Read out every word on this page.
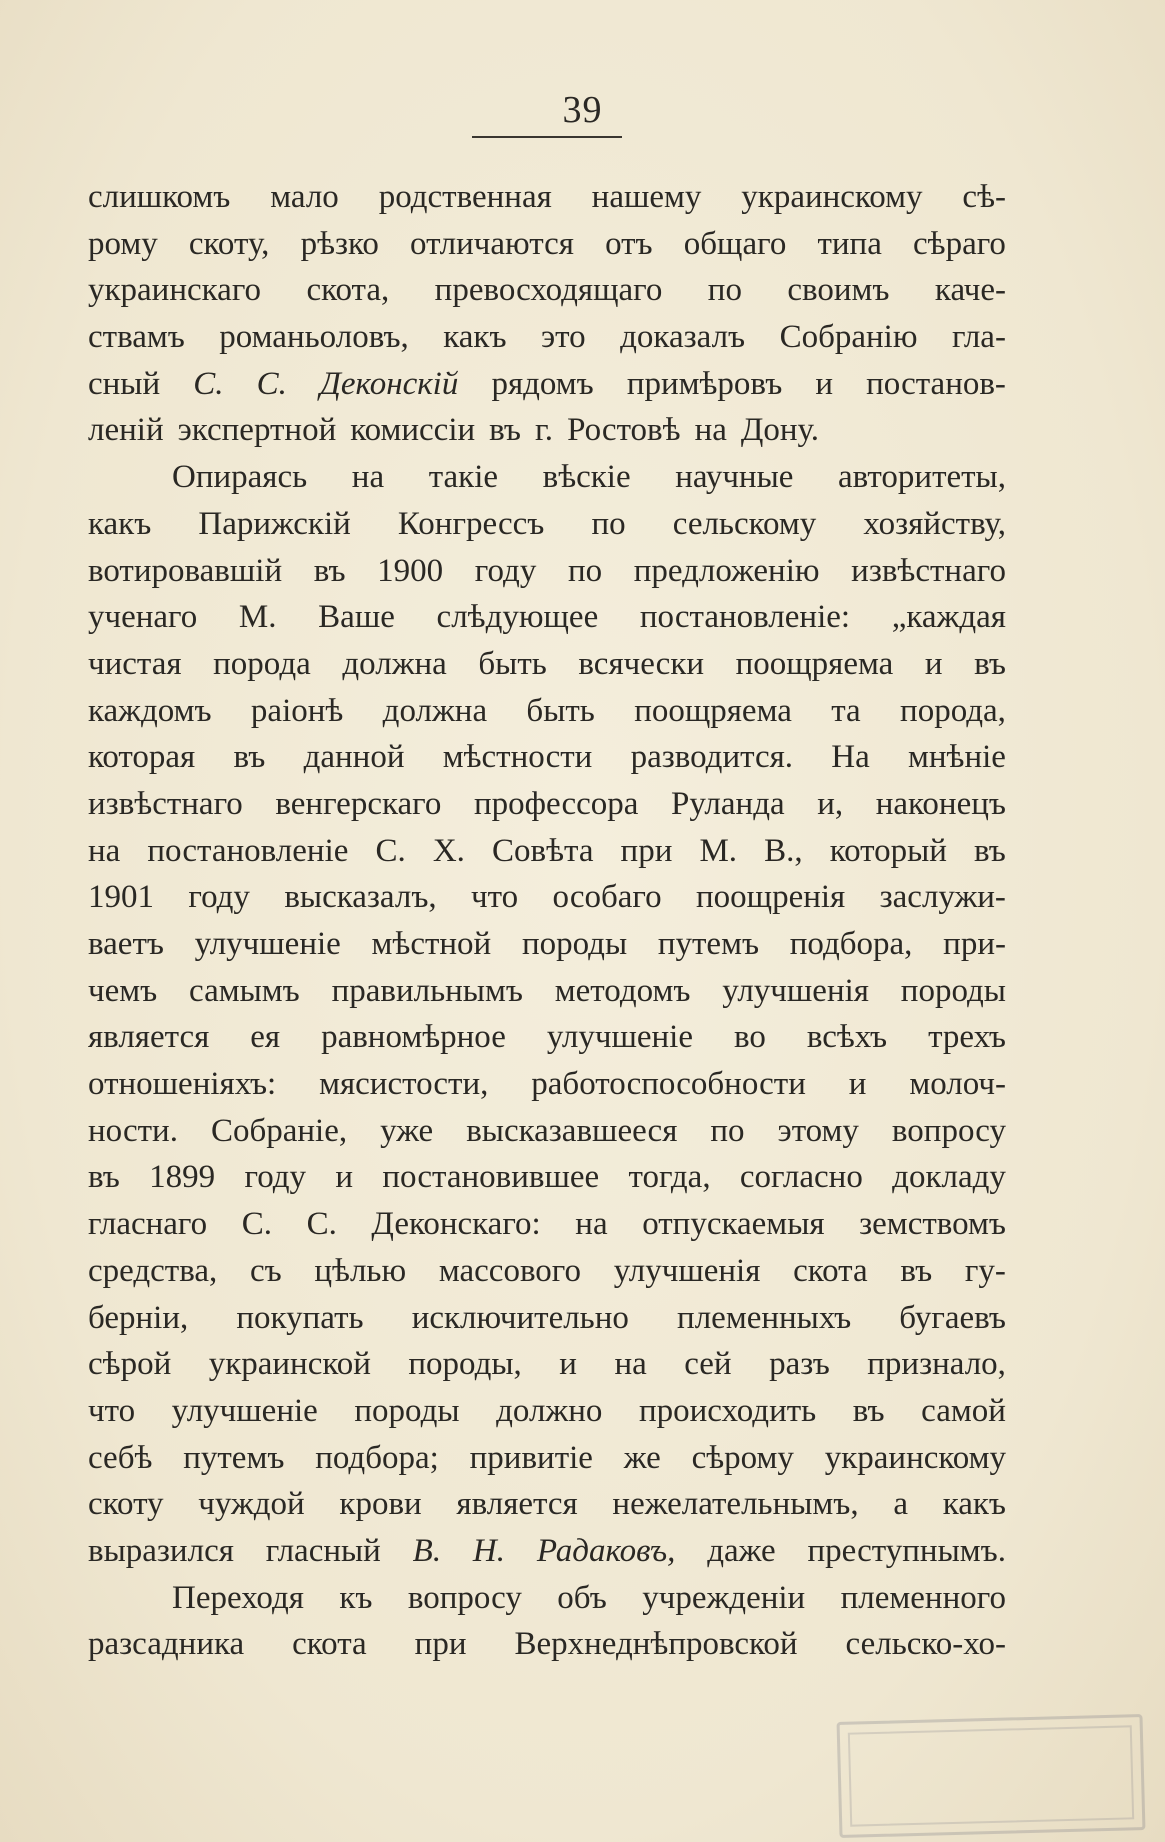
39
слишкомъ мало родственная нашему украинскому сѣ-
рому скоту, рѣзко отличаются отъ общаго типа сѣраго
украинскаго скота, превосходящаго по своимъ каче-
ствамъ романьоловъ, какъ это доказалъ Собранію гла-
сный С. С. Деконскій рядомъ примѣровъ и постанов-
леній экспертной комиссіи въ г. Ростовѣ на Дону.
Опираясь на такіе вѣскіе научные авторитеты,
какъ Парижскій Конгрессъ по сельскому хозяйству,
вотировавшій въ 1900 году по предложенію извѣстнаго
ученаго М. Ваше слѣдующее постановленіе: „каждая
чистая порода должна быть всячески поощряема и въ
каждомъ раіонѣ должна быть поощряема та порода,
которая въ данной мѣстности разводится. На мнѣніе
извѣстнаго венгерскаго профессора Руланда и, наконецъ
на постановленіе С. Х. Совѣта при М. В., который въ
1901 году высказалъ, что особаго поощренія заслужи-
ваетъ улучшеніе мѣстной породы путемъ подбора, при-
чемъ самымъ правильнымъ методомъ улучшенія породы
является ея равномѣрное улучшеніе во всѣхъ трехъ
отношеніяхъ: мясистости, работоспособности и молоч-
ности. Собраніе, уже высказавшееся по этому вопросу
въ 1899 году и постановившее тогда, согласно докладу
гласнаго С. С. Деконскаго: на отпускаемыя земствомъ
средства, съ цѣлью массового улучшенія скота въ гу-
берніи, покупать исключительно племенныхъ бугаевъ
сѣрой украинской породы, и на сей разъ признало,
что улучшеніе породы должно происходить въ самой
себѣ путемъ подбора; привитіе же сѣрому украинскому
скоту чуждой крови является нежелательнымъ, а какъ
выразился гласный В. Н. Радаковъ, даже преступнымъ.
Переходя къ вопросу объ учрежденіи племенного
разсадника скота при Верхнеднѣпровской сельско-хо-
